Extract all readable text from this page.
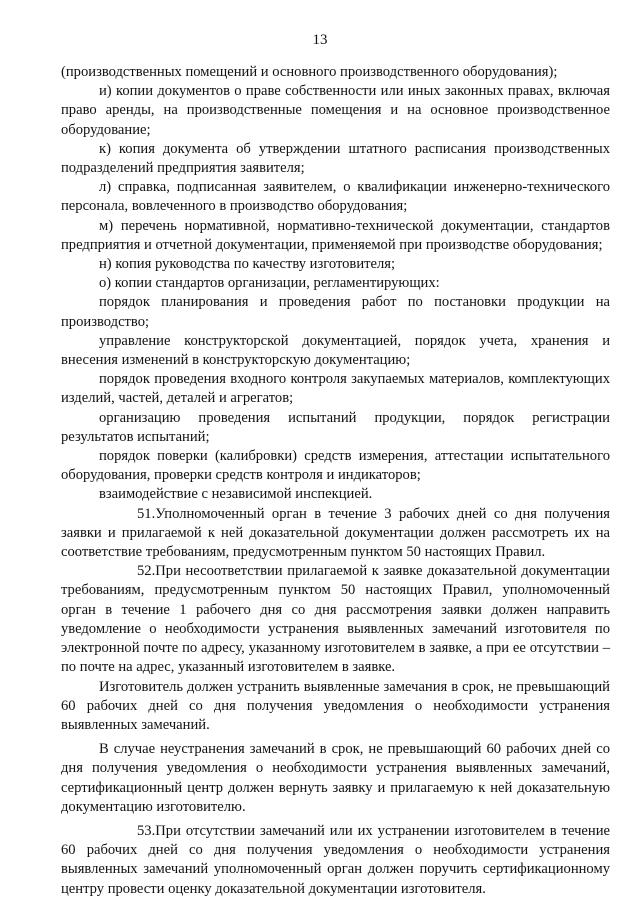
13

(производственных помещений и основного производственного оборудования);

и) копии документов о праве собственности или иных законных правах, включая право аренды, на производственные помещения и на основное производственное оборудование;

к) копия документа об утверждении штатного расписания производственных подразделений предприятия заявителя;

л) справка, подписанная заявителем, о квалификации инженерно-технического персонала, вовлеченного в производство оборудования;

м) перечень нормативной, нормативно-технической документации, стандартов предприятия и отчетной документации, применяемой при производстве оборудования;

н) копия руководства по качеству изготовителя;

о) копии стандартов организации, регламентирующих:

порядок планирования и проведения работ по постановки продукции на производство;

управление конструкторской документацией, порядок учета, хранения и внесения изменений в конструкторскую документацию;

порядок проведения входного контроля закупаемых материалов, комплектующих изделий, частей, деталей и агрегатов;

организацию проведения испытаний продукции, порядок регистрации результатов испытаний;

порядок поверки (калибровки) средств измерения, аттестации испытательного оборудования, проверки средств контроля и индикаторов;

взаимодействие с независимой инспекцией.

51.Уполномоченный орган в течение 3 рабочих дней со дня получения заявки и прилагаемой к ней доказательной документации должен рассмотреть их на соответствие требованиям, предусмотренным пунктом 50 настоящих Правил.

52.При несоответствии прилагаемой к заявке доказательной документации требованиям, предусмотренным пунктом 50 настоящих Правил, уполномоченный орган в течение 1 рабочего дня со дня рассмотрения заявки должен направить уведомление о необходимости устранения выявленных замечаний изготовителя по электронной почте по адресу, указанному изготовителем в заявке, а при ее отсутствии – по почте на адрес, указанный изготовителем в заявке.

Изготовитель должен устранить выявленные замечания в срок, не превышающий 60 рабочих дней со дня получения уведомления о необходимости устранения выявленных замечаний.

В случае неустранения замечаний в срок, не превышающий 60 рабочих дней со дня получения уведомления о необходимости устранения выявленных замечаний, сертификационный центр должен вернуть заявку и прилагаемую к ней доказательную документацию изготовителю.

53.При отсутствии замечаний или их устранении изготовителем в течение 60 рабочих дней со дня получения уведомления о необходимости устранения выявленных замечаний уполномоченный орган должен поручить сертификационному центру провести оценку доказательной документации изготовителя.
